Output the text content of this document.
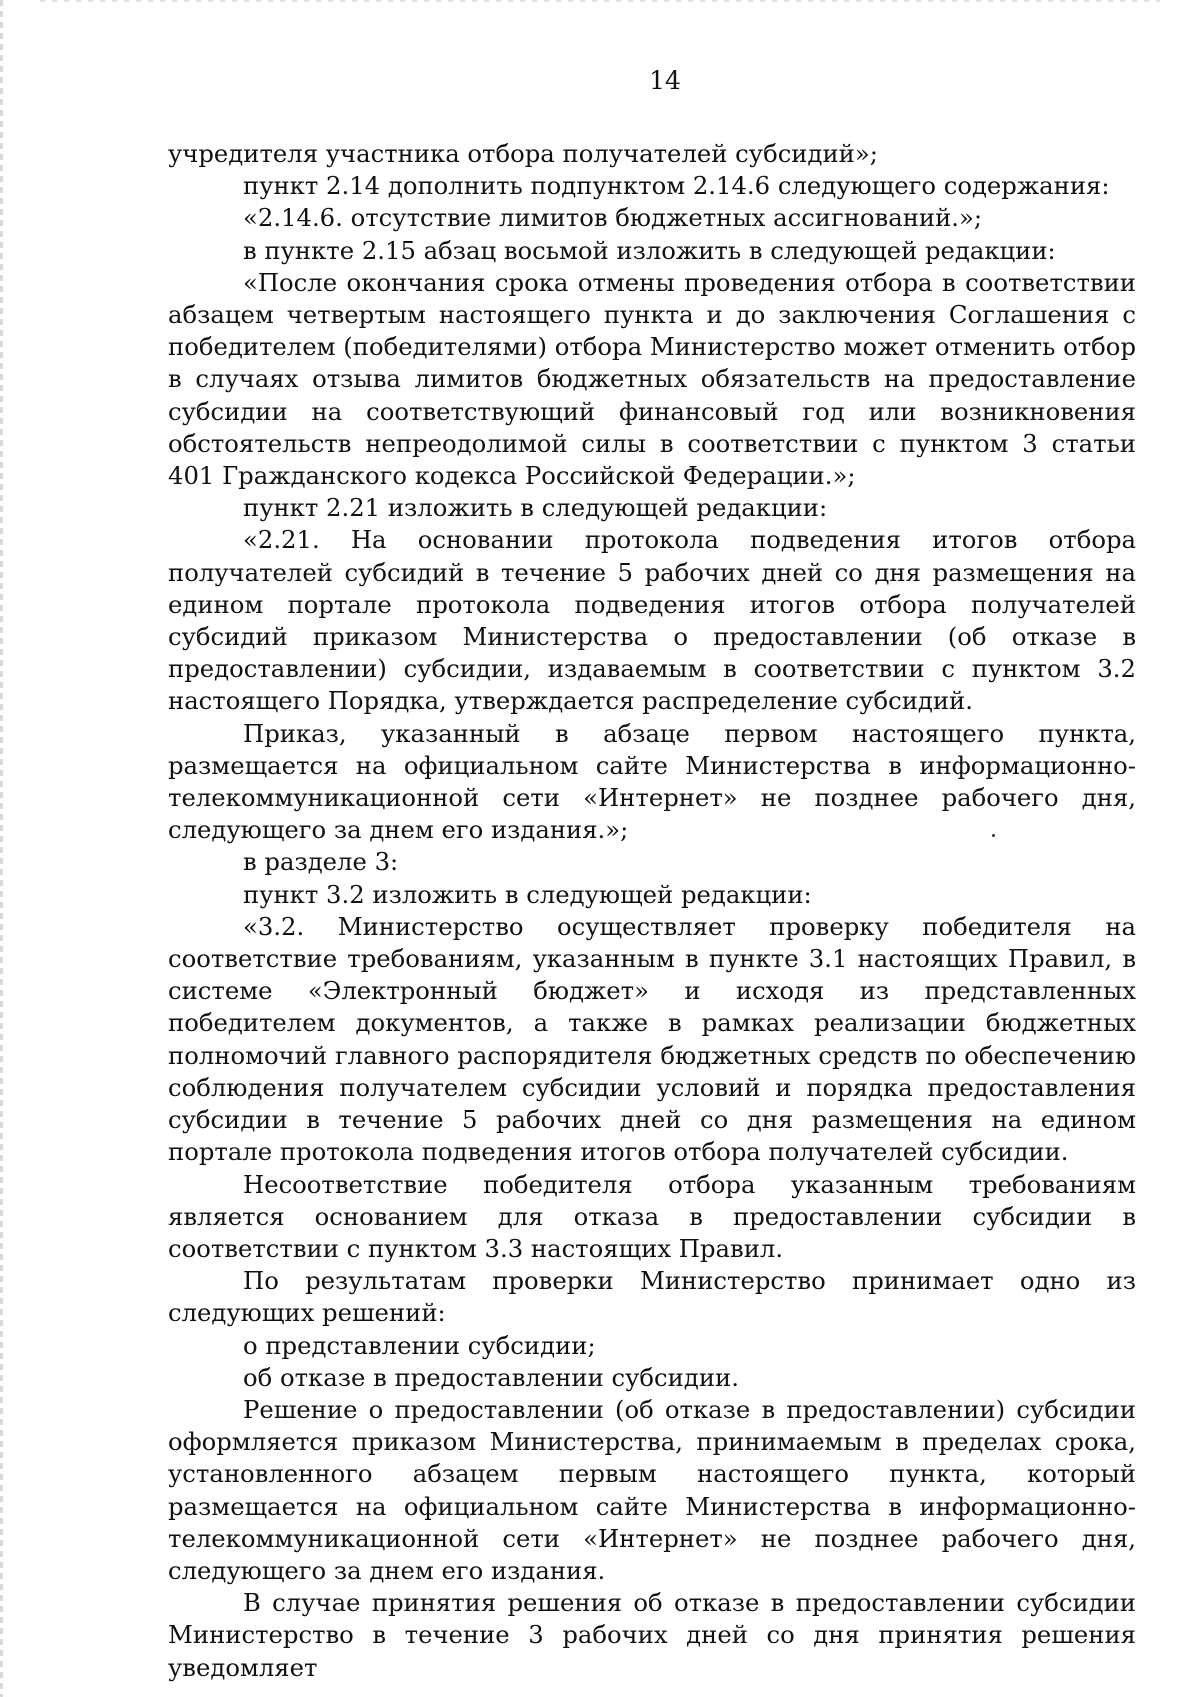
14

учредителя участника отбора получателей субсидий»;

пункт 2.14 дополнить подпунктом 2.14.6 следующего содержания:

«2.14.6. отсутствие лимитов бюджетных ассигнований.»;

в пункте 2.15 абзац восьмой изложить в следующей редакции:

«После окончания срока отмены проведения отбора в соответствии абзацем четвертым настоящего пункта и до заключения Соглашения с победителем (победителями) отбора Министерство может отменить отбор в случаях отзыва лимитов бюджетных обязательств на предоставление субсидии на соответствующий финансовый год или возникновения обстоятельств непреодолимой силы в соответствии с пунктом 3 статьи 401 Гражданского кодекса Российской Федерации.»;

пункт 2.21 изложить в следующей редакции:

«2.21. На основании протокола подведения итогов отбора получателей субсидий в течение 5 рабочих дней со дня размещения на едином портале протокола подведения итогов отбора получателей субсидий приказом Министерства о предоставлении (об отказе в предоставлении) субсидии, издаваемым в соответствии с пунктом 3.2 настоящего Порядка, утверждается распределение субсидий.

Приказ, указанный в абзаце первом настоящего пункта, размещается на официальном сайте Министерства в информационно-телекоммуникационной сети «Интернет» не позднее рабочего дня, следующего за днем его издания.»;

в разделе 3:

пункт 3.2 изложить в следующей редакции:

«3.2. Министерство осуществляет проверку победителя на соответствие требованиям, указанным в пункте 3.1 настоящих Правил, в системе «Электронный бюджет» и исходя из представленных победителем документов, а также в рамках реализации бюджетных полномочий главного распорядителя бюджетных средств по обеспечению соблюдения получателем субсидии условий и порядка предоставления субсидии в течение 5 рабочих дней со дня размещения на едином портале протокола подведения итогов отбора получателей субсидии.

Несоответствие победителя отбора указанным требованиям является основанием для отказа в предоставлении субсидии в соответствии с пунктом 3.3 настоящих Правил.

По результатам проверки Министерство принимает одно из следующих решений:

о представлении субсидии;

об отказе в предоставлении субсидии.

Решение о предоставлении (об отказе в предоставлении) субсидии оформляется приказом Министерства, принимаемым в пределах срока, установленного абзацем первым настоящего пункта, который размещается на официальном сайте Министерства в информационно-телекоммуникационной сети «Интернет» не позднее рабочего дня, следующего за днем его издания.

В случае принятия решения об отказе в предоставлении субсидии Министерство в течение 3 рабочих дней со дня принятия решения уведомляет
